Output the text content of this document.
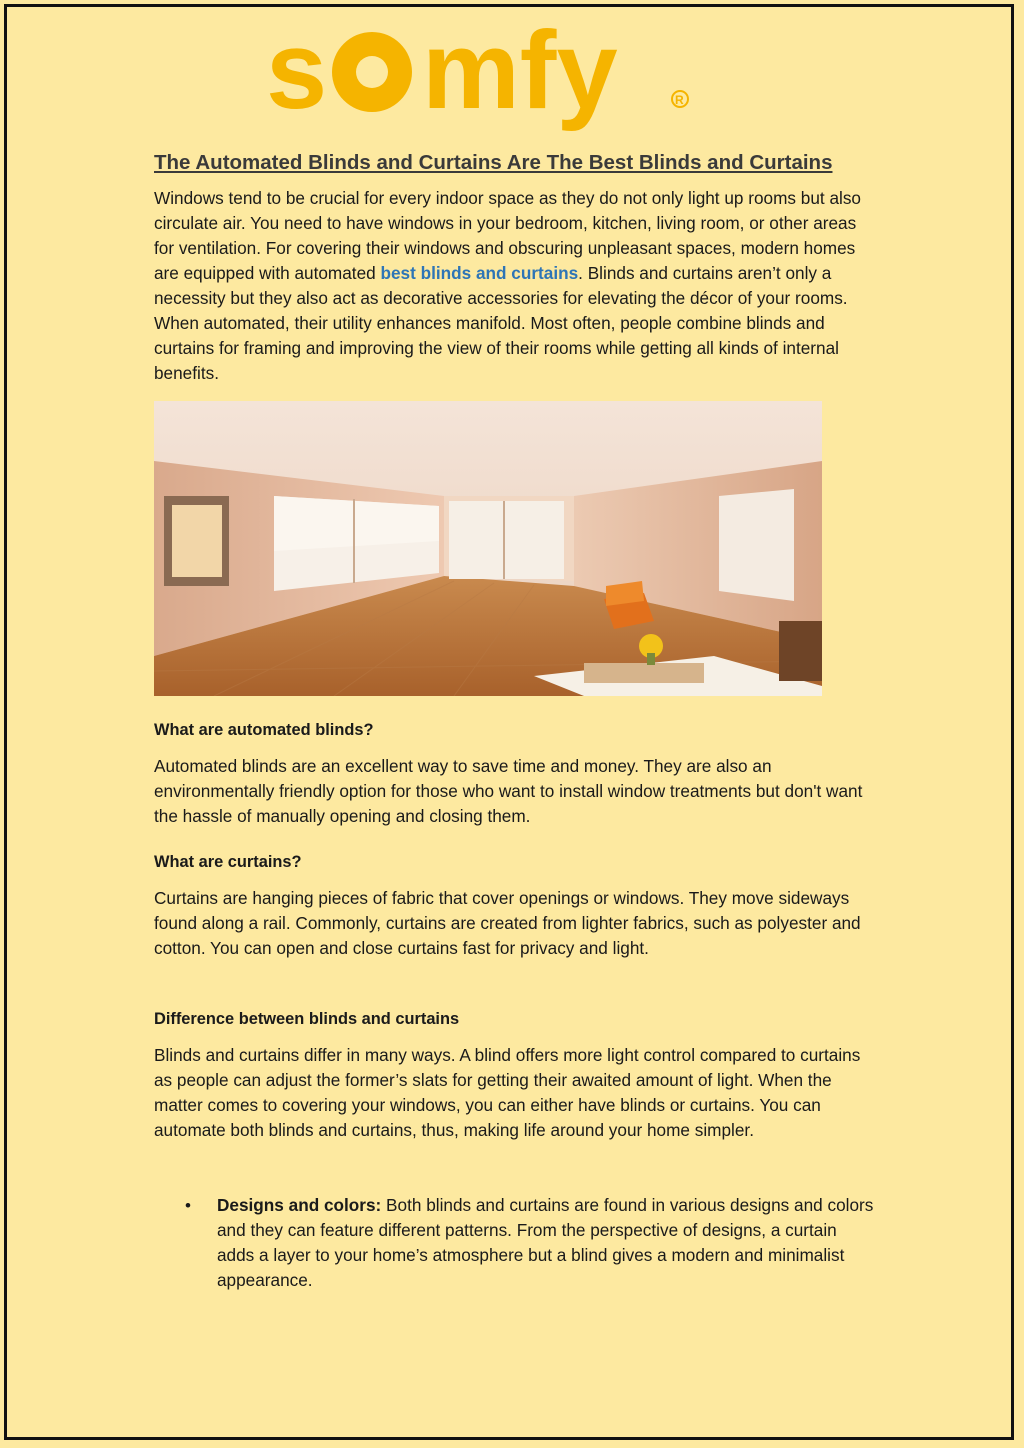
s mfy	R
The Automated Blinds and Curtains Are The Best Blinds and Curtains

Windows tend to be crucial for every indoor space as they do not only light up rooms but also circulate air. You need to have windows in your bedroom, kitchen, living room, or other areas for ventilation. For covering their windows and obscuring unpleasant spaces, modern homes are equipped with automated best blinds and curtains. Blinds and curtains aren’t only a necessity but they also act as decorative accessories for elevating the décor of your rooms. When automated, their utility enhances manifold. Most often, people combine blinds and curtains for framing and improving the view of their rooms while getting all kinds of internal benefits.

What are automated blinds?

Automated blinds are an excellent way to save time and money. They are also an environmentally friendly option for those who want to install window treatments but don't want the hassle of manually opening and closing them.

What are curtains?

Curtains are hanging pieces of fabric that cover openings or windows. They move sideways found along a rail. Commonly, curtains are created from lighter fabrics, such as polyester and cotton. You can open and close curtains fast for privacy and light.

Difference between blinds and curtains

Blinds and curtains differ in many ways. A blind offers more light control compared to curtains as people can adjust the former’s slats for getting their awaited amount of light. When the matter comes to covering your windows, you can either have blinds or curtains. You can automate both blinds and curtains, thus, making life around your home simpler.

• Designs and colors: Both blinds and curtains are found in various designs and colors and they can feature different patterns. From the perspective of designs, a curtain adds a layer to your home’s atmosphere but a blind gives a modern and minimalist appearance.
